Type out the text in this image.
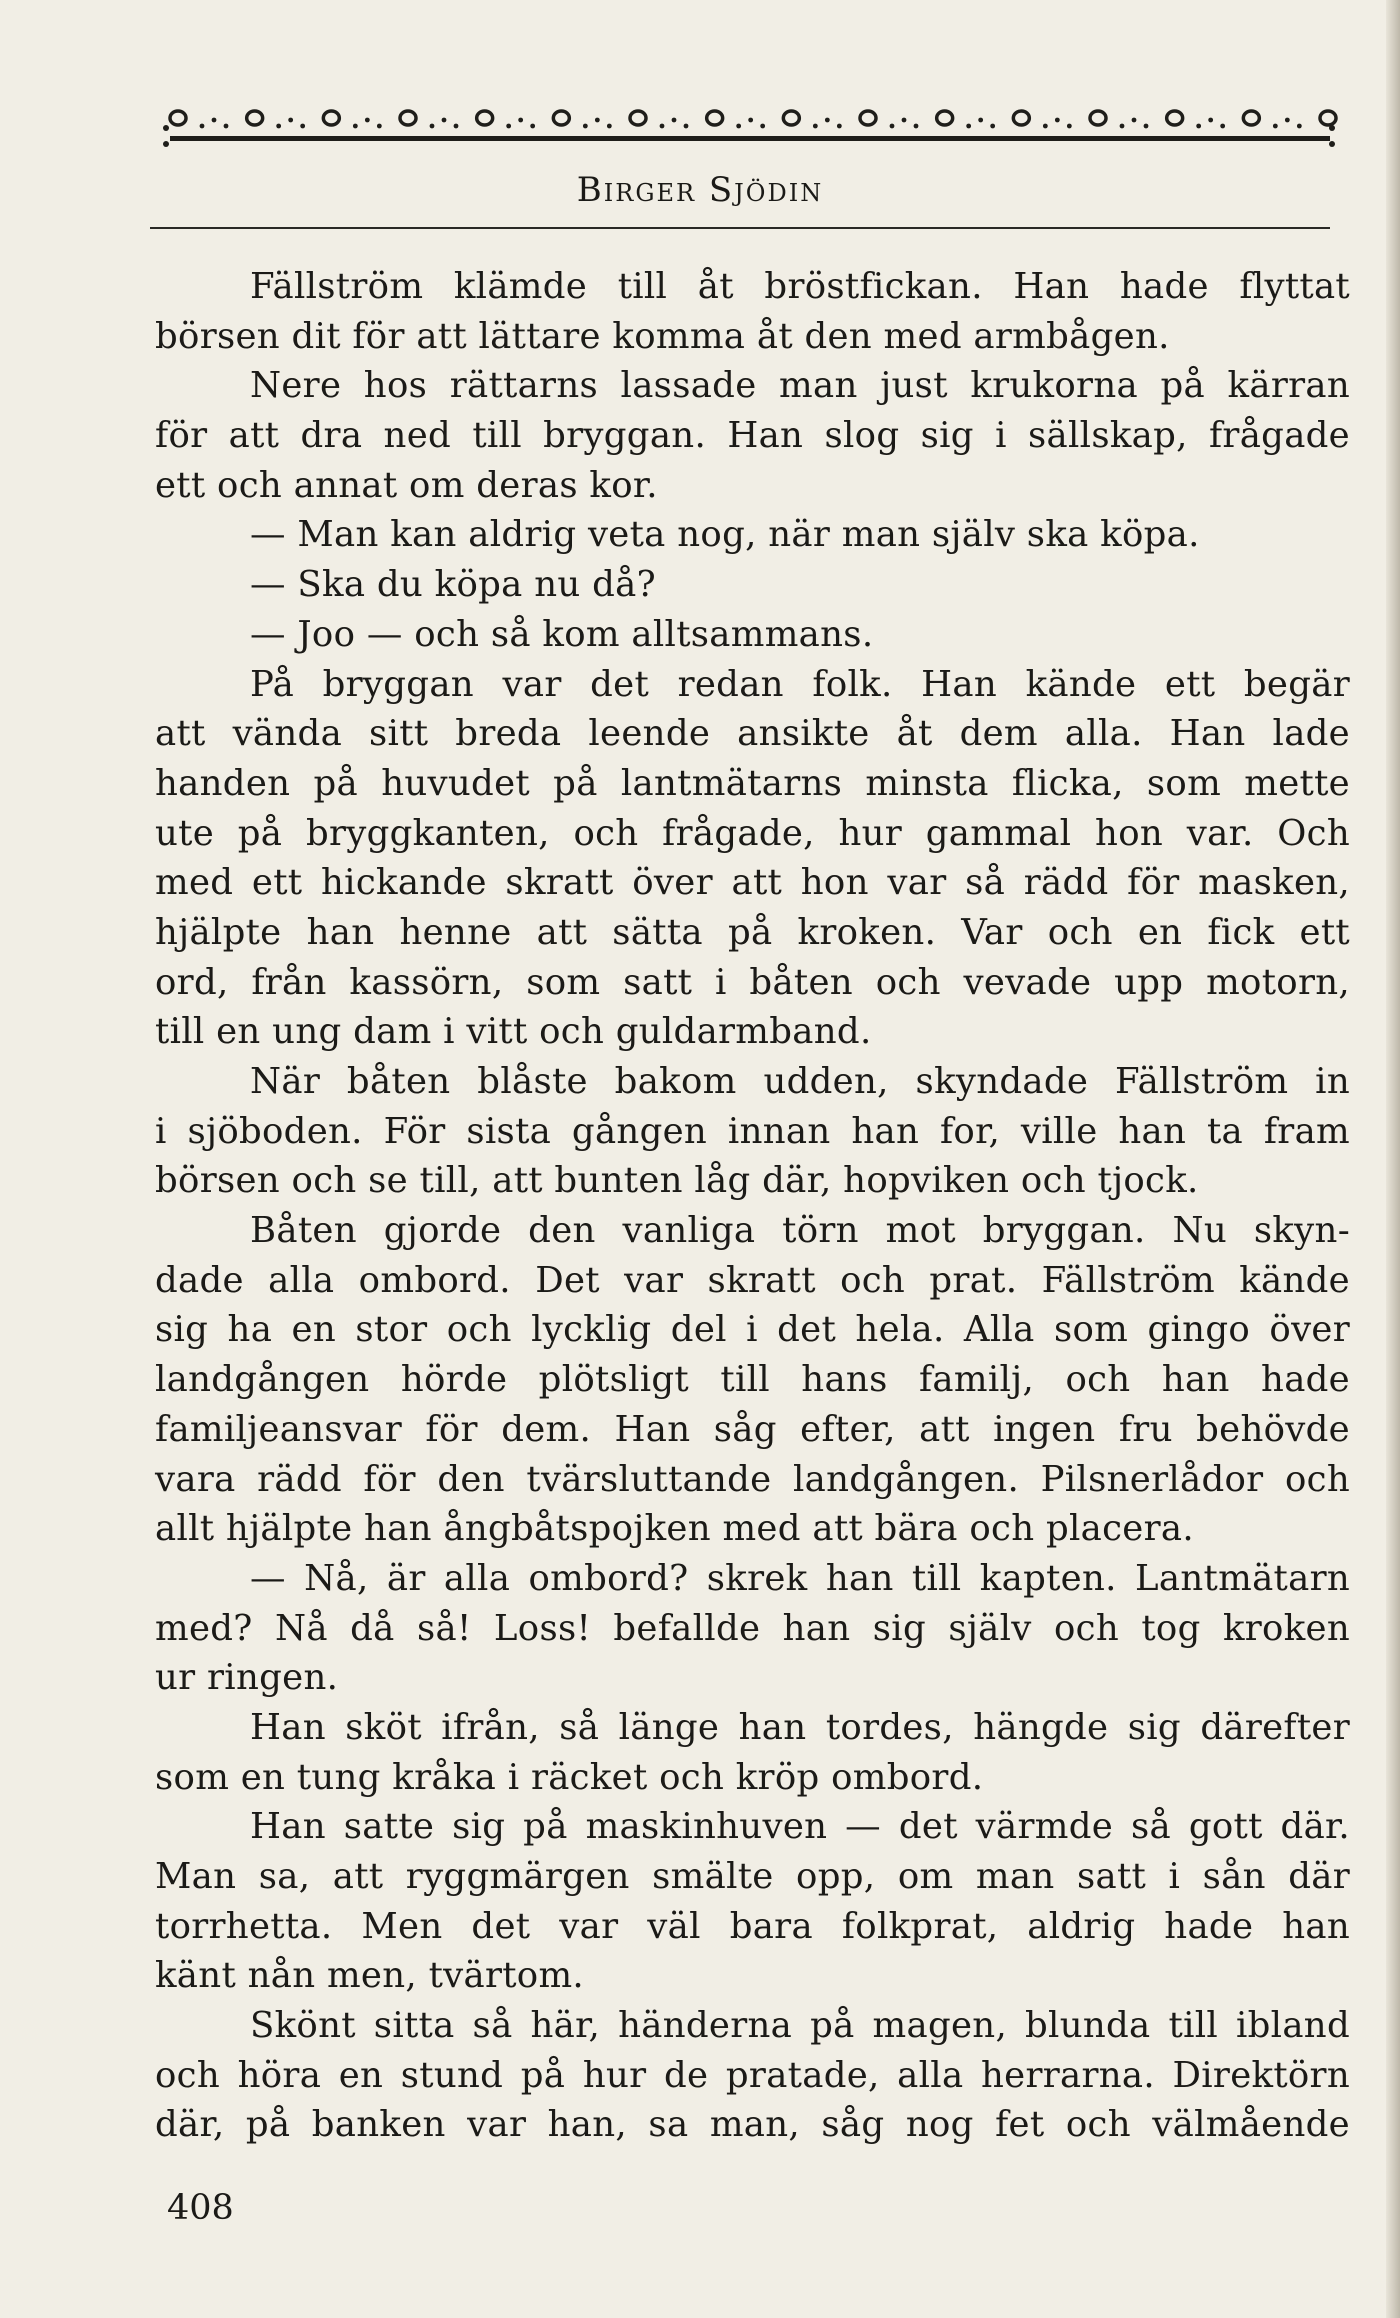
Birger Sjödin
Fällström klämde till åt bröstfickan. Han hade flyttat
börsen dit för att lättare komma åt den med armbågen.
Nere hos rättarns lassade man just krukorna på kärran
för att dra ned till bryggan. Han slog sig i sällskap, frågade
ett och annat om deras kor.
— Man kan aldrig veta nog, när man själv ska köpa.
— Ska du köpa nu då?
— Joo — och så kom alltsammans.
På bryggan var det redan folk. Han kände ett begär
att vända sitt breda leende ansikte åt dem alla. Han lade
handen på huvudet på lantmätarns minsta flicka, som mette
ute på bryggkanten, och frågade, hur gammal hon var. Och
med ett hickande skratt över att hon var så rädd för masken,
hjälpte han henne att sätta på kroken. Var och en fick ett
ord, från kassörn, som satt i båten och vevade upp motorn,
till en ung dam i vitt och guldarmband.
När båten blåste bakom udden, skyndade Fällström in
i sjöboden. För sista gången innan han for, ville han ta fram
börsen och se till, att bunten låg där, hopviken och tjock.
Båten gjorde den vanliga törn mot bryggan. Nu skyn-
dade alla ombord. Det var skratt och prat. Fällström kände
sig ha en stor och lycklig del i det hela. Alla som gingo över
landgången hörde plötsligt till hans familj, och han hade
familjeansvar för dem. Han såg efter, att ingen fru behövde
vara rädd för den tvärsluttande landgången. Pilsnerlådor och
allt hjälpte han ångbåtspojken med att bära och placera.
— Nå, är alla ombord? skrek han till kapten. Lantmätarn
med? Nå då så! Loss! befallde han sig själv och tog kroken
ur ringen.
Han sköt ifrån, så länge han tordes, hängde sig därefter
som en tung kråka i räcket och kröp ombord.
Han satte sig på maskinhuven — det värmde så gott där.
Man sa, att ryggmärgen smälte opp, om man satt i sån där
torrhetta. Men det var väl bara folkprat, aldrig hade han
känt nån men, tvärtom.
Skönt sitta så här, händerna på magen, blunda till ibland
och höra en stund på hur de pratade, alla herrarna. Direktörn
där, på banken var han, sa man, såg nog fet och välmående
408
